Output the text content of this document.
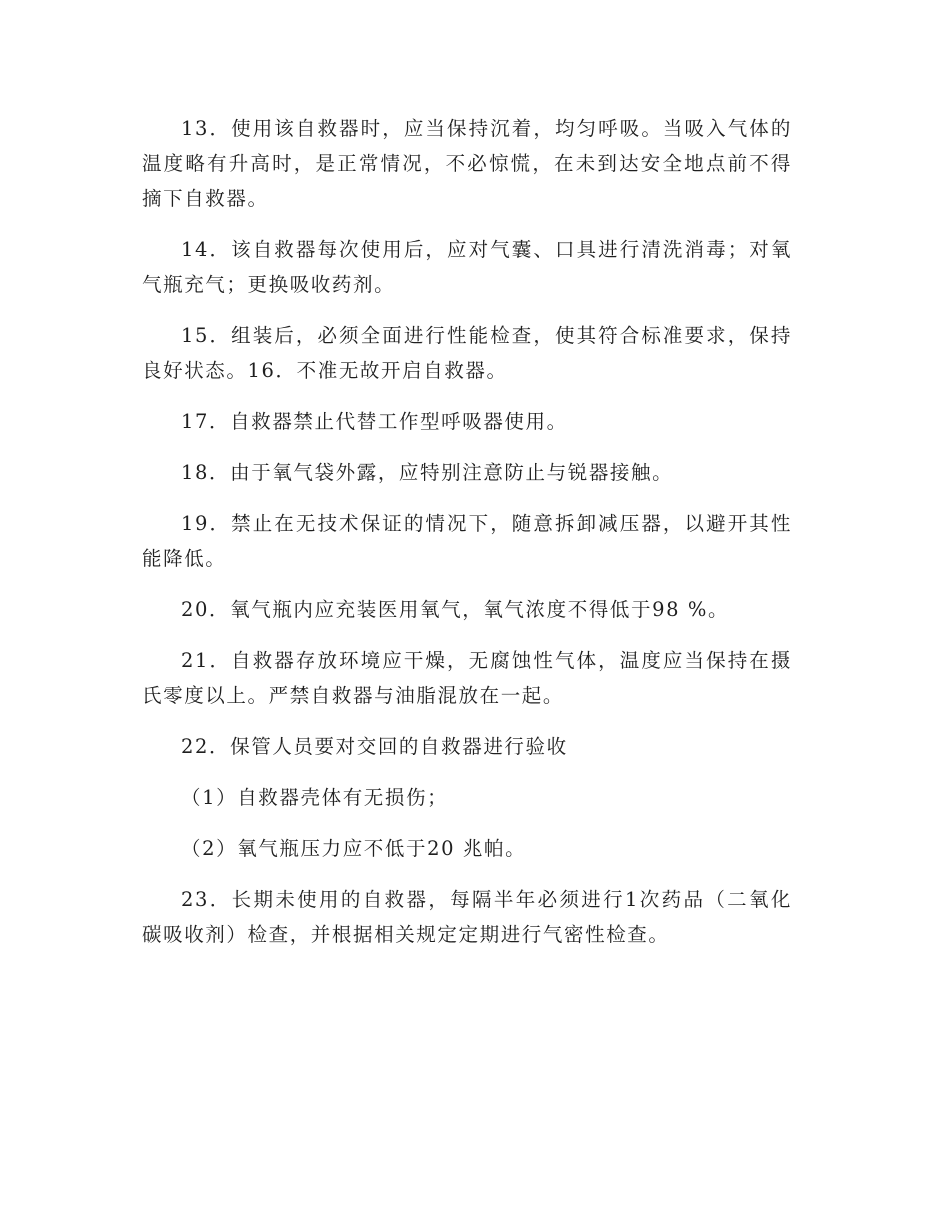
13．使用该自救器时，应当保持沉着，均匀呼吸。当吸入气体的温度略有升高时，是正常情况，不必惊慌，在未到达安全地点前不得摘下自救器。

14．该自救器每次使用后，应对气囊、口具进行清洗消毒；对氧气瓶充气；更换吸收药剂。

15．组装后，必须全面进行性能检查，使其符合标准要求，保持良好状态。16．不准无故开启自救器。

17．自救器禁止代替工作型呼吸器使用。

18．由于氧气袋外露，应特别注意防止与锐器接触。

19．禁止在无技术保证的情况下，随意拆卸减压器，以避开其性能降低。

20．氧气瓶内应充装医用氧气，氧气浓度不得低于98 %。

21．自救器存放环境应干燥，无腐蚀性气体，温度应当保持在摄氏零度以上。严禁自救器与油脂混放在一起。

22．保管人员要对交回的自救器进行验收

（1）自救器壳体有无损伤；

（2）氧气瓶压力应不低于20 兆帕。

23．长期未使用的自救器，每隔半年必须进行1次药品（二氧化碳吸收剂）检查，并根据相关规定定期进行气密性检查。
